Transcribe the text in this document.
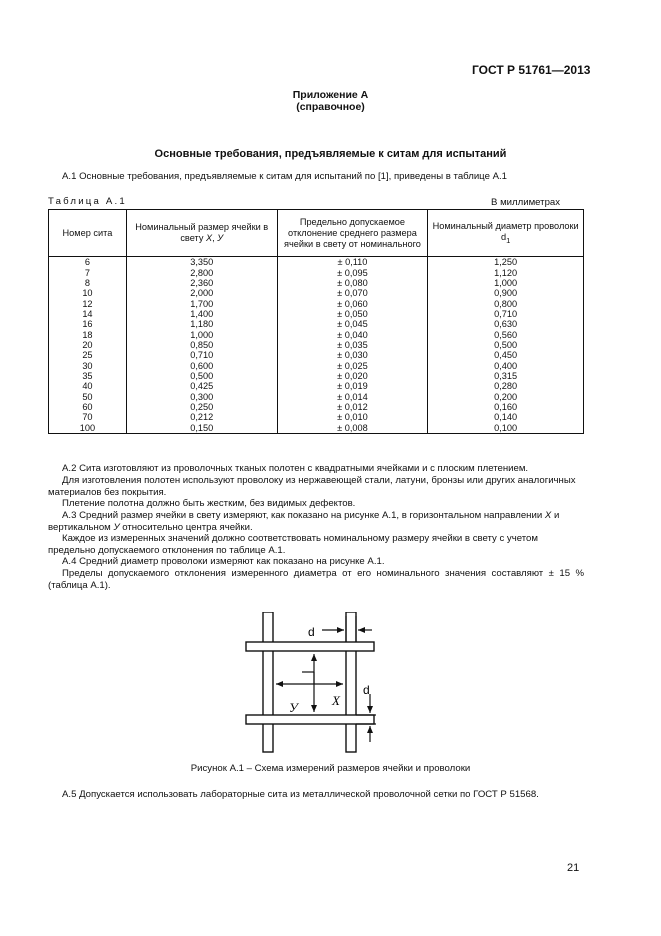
ГОСТ Р 51761—2013
Приложение А
(справочное)
Основные требования, предъявляемые к ситам для испытаний
А.1 Основные требования, предъявляемые к ситам для испытаний по [1], приведены в таблице А.1
Таблица А.1	В миллиметрах
Номер сита	Номинальный размер ячейки в свету X, У	Предельно допускаемое отклонение среднего размера ячейки в свету от номинального	Номинальный диаметр проволоки $d_1$
6	3,350	± 0,110	1,250
7	2,800	± 0,095	1,120
8	2,360	± 0,080	1,000
10	2,000	± 0,070	0,900
12	1,700	± 0,060	0,800
14	1,400	± 0,050	0,710
16	1,180	± 0,045	0,630
18	1,000	± 0,040	0,560
20	0,850	± 0,035	0,500
25	0,710	± 0,030	0,450
30	0,600	± 0,025	0,400
35	0,500	± 0,020	0,315
40	0,425	± 0,019	0,280
50	0,300	± 0,014	0,200
60	0,250	± 0,012	0,160
70	0,212	± 0,010	0,140
100	0,150	± 0,008	0,100
А.2 Сита изготовляют из проволочных тканых полотен с квадратными ячейками и с плоским плетением.
Для изготовления полотен используют проволоку из нержавеющей стали, латуни, бронзы или других аналогичных материалов без покрытия.
Плетение полотна должно быть жестким, без видимых дефектов.
А.3 Средний размер ячейки в свету измеряют, как показано на рисунке А.1, в горизонтальном направлении X и вертикальном У относительно центра ячейки.
Каждое из измеренных значений должно соответствовать номинальному размеру ячейки в свету с учетом предельно допускаемого отклонения по таблице А.1.
А.4 Средний диаметр проволоки измеряют как показано на рисунке А.1.
Пределы допускаемого отклонения измеренного диаметра от его номинального значения составляют ± 15 % (таблица А.1).
d
d
X
У
Рисунок А.1 – Схема измерений размеров ячейки и проволоки
А.5 Допускается использовать лабораторные сита из металлической проволочной сетки по ГОСТ Р 51568.
21
